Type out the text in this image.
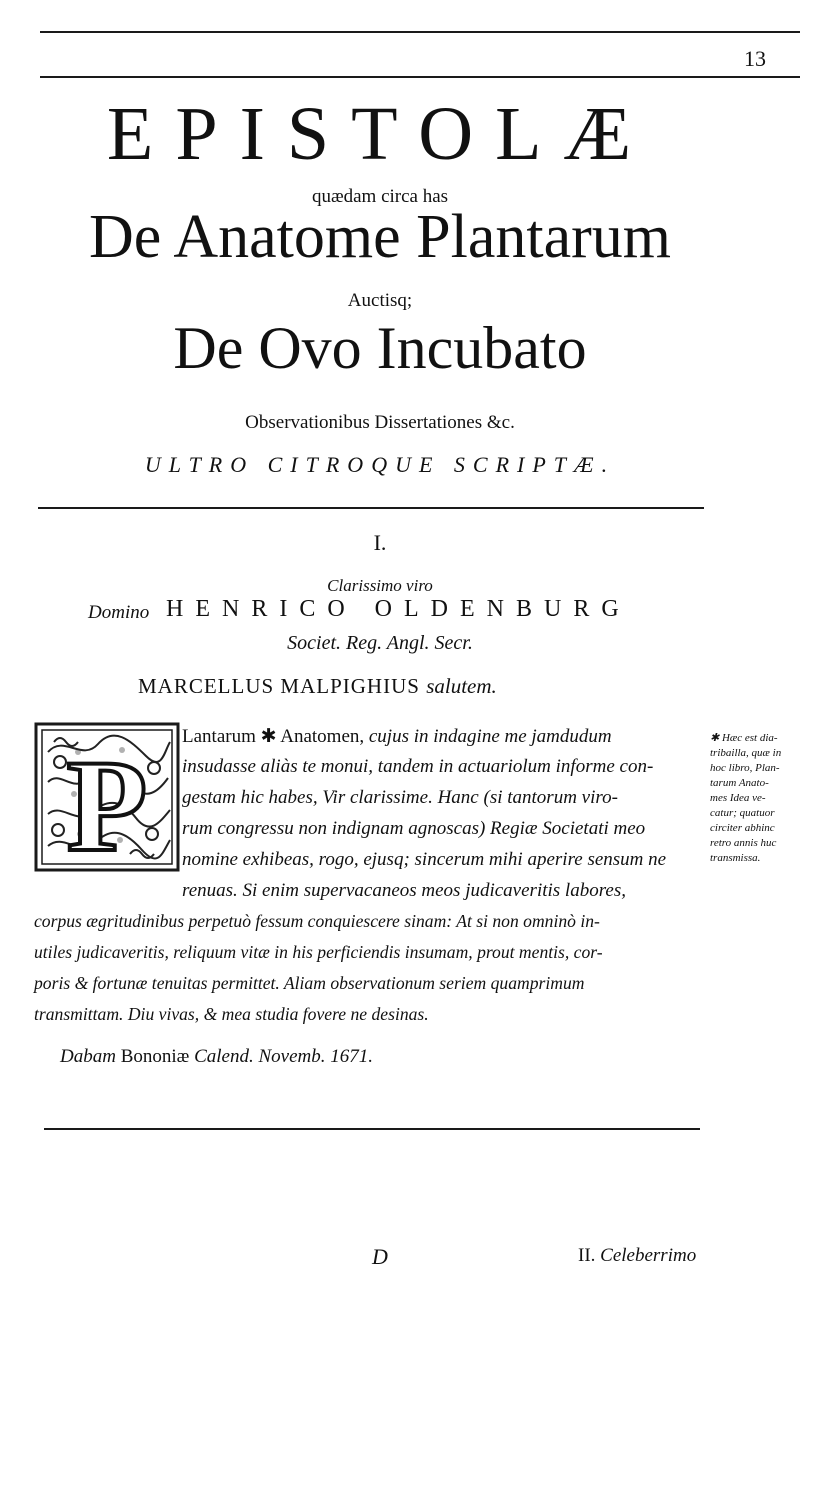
13
EPISTOLÆ
quædam circa has
De Anatome Plantarum
Auctisq;
De Ovo Incubato
Observationibus Dissertationes &c.
ULTRO CITROQUE SCRIPTÆ.
I.
Clarissimo viro
Domino HENRICO OLDENBURG
Societ. Reg. Angl. Secr.
MARCELLUS MALPIGHIUS salutem.
P Lantarum ✱ Anatomen, cujus in indagine me jamdudum
insudasse aliàs te monui, tandem in actuariolum informe con-
gestam hic habes, Vir clarissime. Hanc (si tantorum viro-
rum congressu non indignam agnoscas) Regiæ Societati meo
nomine exhibeas, rogo, ejusq; sincerum mihi aperire sensum ne
renuas. Si enim supervacaneos meos judicaveritis labores,
corpus ægritudinibus perpetuò fessum conquiescere sinam: At si non omninò in-
utiles judicaveritis, reliquum vitæ in his perficiendis insumam, prout mentis, cor-
poris & fortunæ tenuitas permittet. Aliam observationum seriem quamprimum
transmittam. Diu vivas, & mea studia fovere ne desinas.
Dabam Bononiæ Calend. Novemb. 1671.
✱ Hæc est dia-
tribailla, quæ in
hoc libro, Plan-
tarum Anato-
mes Idea ve-
catur; quatuor
circiter abhinc
retro annis huc
transmissa.
D	II. Celeberrimo
